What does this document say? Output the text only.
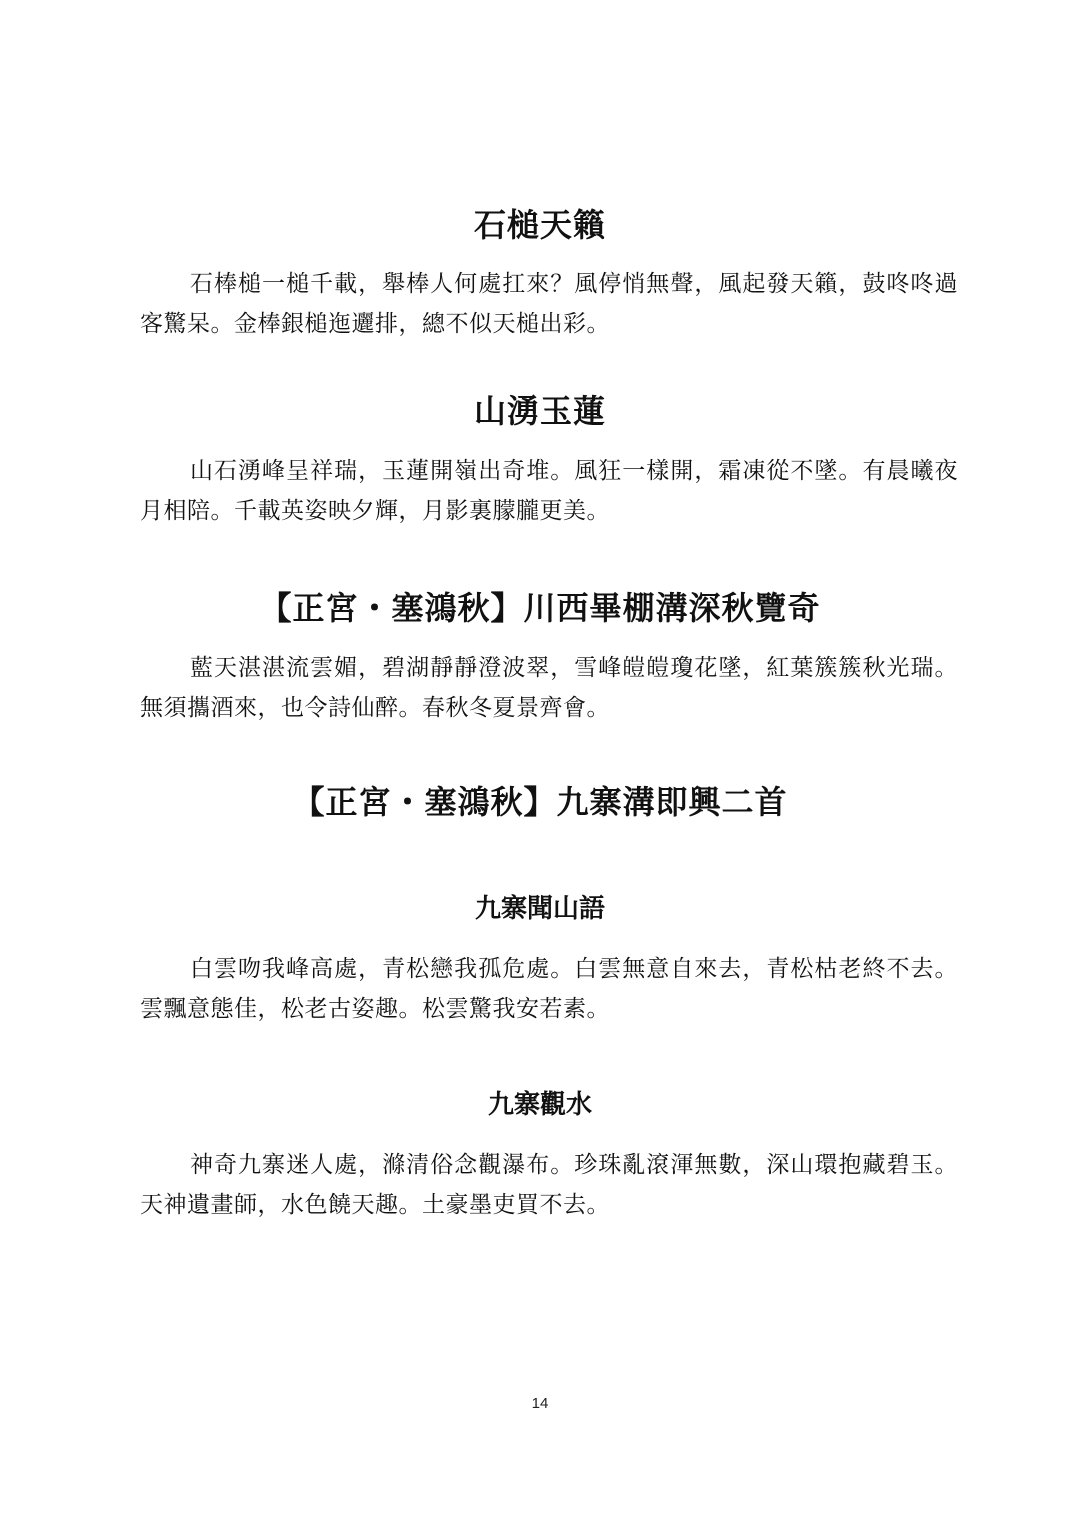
石槌天籟

石棒槌一槌千載，舉棒人何處扛來？風停悄無聲，風起發天籟，鼓咚咚過客驚呆。金棒銀槌迤邐排，總不似天槌出彩。

山湧玉蓮

山石湧峰呈祥瑞，玉蓮開嶺出奇堆。風狂一樣開，霜凍從不墜。有晨曦夜月相陪。千載英姿映夕輝，月影裏朦朧更美。

【正宮・塞鴻秋】川西畢棚溝深秋覽奇

藍天湛湛流雲媚，碧湖靜靜澄波翠，雪峰皚皚瓊花墜，紅葉簇簇秋光瑞。無須攜酒來，也令詩仙醉。春秋冬夏景齊會。

【正宮・塞鴻秋】九寨溝即興二首
九寨聞山語

白雲吻我峰高處，青松戀我孤危處。白雲無意自來去，青松枯老終不去。雲飄意態佳，松老古姿趣。松雲驚我安若素。

九寨觀水

神奇九寨迷人處，滌清俗念觀瀑布。珍珠亂滾渾無數，深山環抱藏碧玉。天神遺畫師，水色饒天趣。土豪墨吏買不去。

14
